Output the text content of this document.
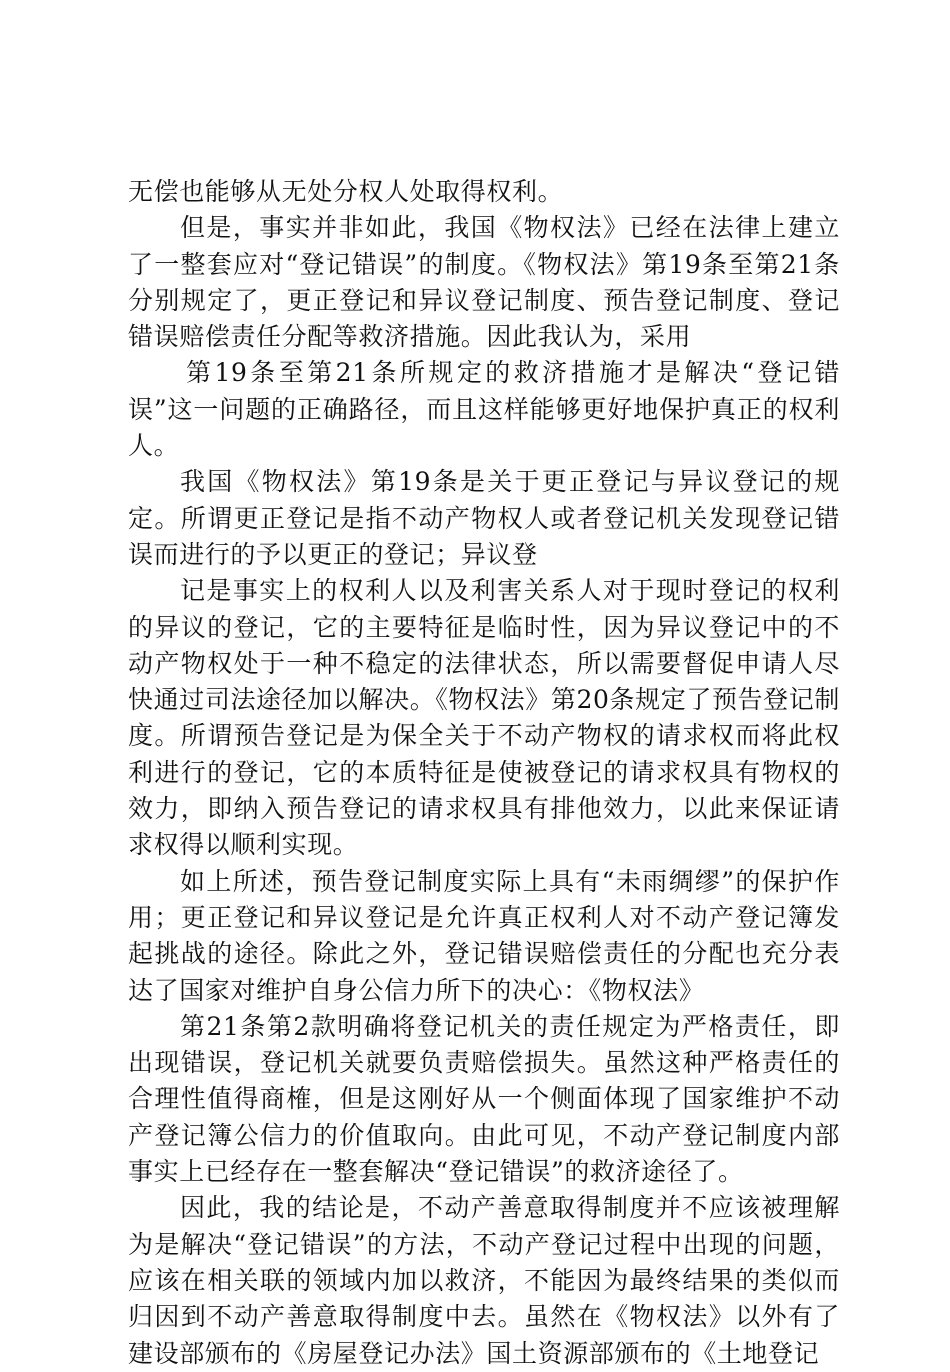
无偿也能够从无处分权人处取得权利。

但是，事实并非如此，我国《物权法》已经在法律上建立了一整套应对“登记错误”的制度。《物权法》第19条至第21条分别规定了，更正登记和异议登记制度、预告登记制度、登记错误赔偿责任分配等救济措施。因此我认为，采用

第19条至第21条所规定的救济措施才是解决“登记错误”这一问题的正确路径，而且这样能够更好地保护真正的权利人。

我国《物权法》第19条是关于更正登记与异议登记的规定。所谓更正登记是指不动产物权人或者登记机关发现登记错误而进行的予以更正的登记；异议登

记是事实上的权利人以及利害关系人对于现时登记的权利的异议的登记，它的主要特征是临时性，因为异议登记中的不动产物权处于一种不稳定的法律状态，所以需要督促申请人尽快通过司法途径加以解决。《物权法》第20条规定了预告登记制度。所谓预告登记是为保全关于不动产物权的请求权而将此权利进行的登记，它的本质特征是使被登记的请求权具有物权的效力，即纳入预告登记的请求权具有排他效力，以此来保证请求权得以顺利实现。

如上所述，预告登记制度实际上具有“未雨绸缪”的保护作用；更正登记和异议登记是允许真正权利人对不动产登记簿发起挑战的途径。除此之外，登记错误赔偿责任的分配也充分表达了国家对维护自身公信力所下的决心：《物权法》

第21条第2款明确将登记机关的责任规定为严格责任，即出现错误，登记机关就要负责赔偿损失。虽然这种严格责任的合理性值得商榷，但是这刚好从一个侧面体现了国家维护不动产登记簿公信力的价值取向。由此可见，不动产登记制度内部事实上已经存在一整套解决“登记错误”的救济途径了。

因此，我的结论是，不动产善意取得制度并不应该被理解为是解决“登记错误”的方法，不动产登记过程中出现的问题，应该在相关联的领域内加以救济，不能因为最终结果的类似而归因到不动产善意取得制度中去。虽然在《物权法》以外有了建设部颁布的《房屋登记办法》国土资源部颁布的《土地登记
